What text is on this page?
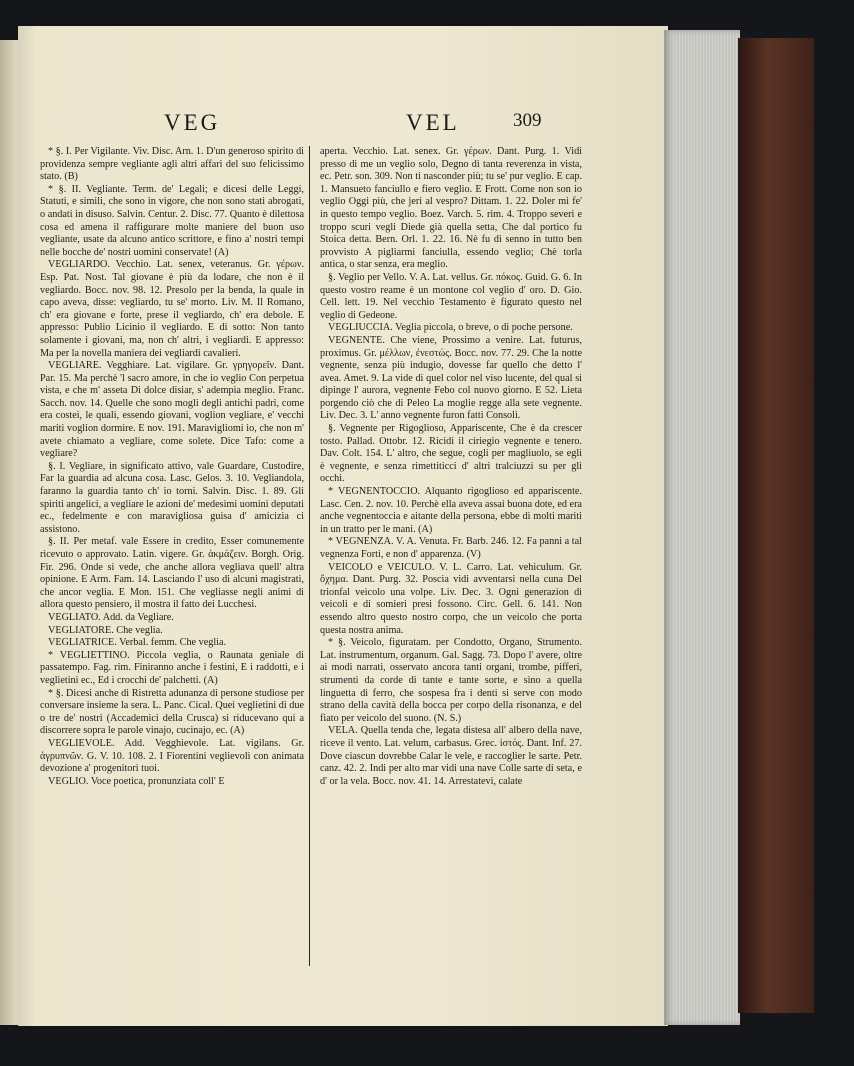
VEG	VEL	309

* §. I. Per Vigilante. Viv. Disc. Arn. 1. D'un generoso spirito di providenza sempre vegliante agli altri affari del suo felicissimo stato. (B)

* §. II. Vegliante. Term. de' Legali; e dicesi delle Leggi, Statuti, e simili, che sono in vigore, che non sono stati abrogati, o andati in disuso. Salvin. Centur. 2. Disc. 77. Quanto è dilettosa cosa ed amena il raffigurare molte maniere del buon uso vegliante, usate da alcuno antico scrittore, e fino a' nostri tempi nelle bocche de' nostri uomini conservate! (A)

VEGLIARDO. Vecchio. Lat. senex, veteranus. Gr. γέρων. Esp. Pat. Nost. Tal giovane è più da lodare, che non è il vegliardo. Bocc. nov. 98. 12. Presolo per la benda, la quale in capo aveva, disse: vegliardo, tu se' morto. Liv. M. Il Romano, ch' era giovane e forte, prese il vegliardo, ch' era debole. E appresso: Publio Licinio il vegliardo. E di sotto: Non tanto solamente i giovani, ma, non ch' altri, i vegliardi. E appresso: Ma per la novella maniera dei vegliardi cavalieri.

VEGLIARE. Vegghiare. Lat. vigilare. Gr. γρηγορεῖν. Dant. Par. 15. Ma perchè 'l sacro amore, in che io veglio Con perpetua vista, e che m' asseta Di dolce disiar, s' adempia meglio. Franc. Sacch. nov. 14. Quelle che sono mogli degli antichi padri, come era costei, le quali, essendo giovani, voglion vegliare, e' vecchi mariti voglion dormire. E nov. 191. Maravigliomi io, che non m' avete chiamato a vegliare, come solete. Dice Tafo: come a vegliare?

§. I. Vegliare, in significato attivo, vale Guardare, Custodire, Far la guardia ad alcuna cosa. Lasc. Gelos. 3. 10. Vegliandola, faranno la guardia tanto ch' io torni. Salvin. Disc. 1. 89. Gli spiriti angelici, a vegliare le azioni de' medesimi uomini deputati ec., fedelmente e con maravigliosa guisa d' amicizia ci assistono.

§. II. Per metaf. vale Essere in credito, Esser comunemente ricevuto o approvato. Latin. vigere. Gr. ἀκμάζειν. Borgh. Orig. Fir. 296. Onde si vede, che anche allora vegliava quell' altra opinione. E Arm. Fam. 14. Lasciando l' uso di alcuni magistrati, che ancor veglia. E Mon. 151. Che vegliasse negli animi di allora questo pensiero, il mostra il fatto dei Lucchesi.

VEGLIATO. Add. da Vegliare.

VEGLIATORE. Che veglia.

VEGLIATRICE. Verbal. femm. Che veglia.

* VEGLIETTINO. Piccola veglia, o Raunata geniale di passatempo. Fag. rim. Finiranno anche i festini, E i raddotti, e i veglietini ec., Ed i crocchi de' palchetti. (A)

* §. Dicesi anche di Ristretta adunanza di persone studiose per conversare insieme la sera. L. Panc. Cical. Quei veglietini di due o tre de' nostri (Accademici della Crusca) si riducevano qui a discorrere sopra le parole vinajo, cucinajo, ec. (A)

VEGLIEVOLE. Add. Vegghievole. Lat. vigilans. Gr. ἀγρυπνῶν. G. V. 10. 108. 2. I Fiorentini veglievoli con animata devozione a' progenitori tuoi.

VEGLIO. Voce poetica, pronunziata coll' E

aperta. Vecchio. Lat. senex. Gr. γέρων. Dant. Purg. 1. Vidi presso di me un veglio solo, Degno di tanta reverenza in vista, ec. Petr. son. 309. Non ti nasconder più; tu se' pur veglio. E cap. 1. Mansueto fanciullo e fiero veglio. E Frott. Come non son io veglio Oggi più, che jeri al vespro? Dittam. 1. 22. Doler mi fe' in questo tempo veglio. Boez. Varch. 5. rim. 4. Troppo severi e troppo scuri vegli Diede già quella setta, Che dal portico fu Stoica detta. Bern. Orl. 1. 22. 16. Nè fu di senno in tutto ben provvisto A pigliarmi fanciulla, essendo veglio; Chè torla antica, o star senza, era meglio.

§. Veglio per Vello. V. A. Lat. vellus. Gr. πόκος. Guid. G. 6. In questo vostro reame è un montone col veglio d' oro. D. Gio. Cell. lett. 19. Nel vecchio Testamento è figurato questo nel veglio di Gedeone.

VEGLIUCCIA. Veglia piccola, o breve, o di poche persone.

VEGNENTE. Che viene, Prossimo a venire. Lat. futurus, proximus. Gr. μέλλων, ἐνεστώς. Bocc. nov. 77. 29. Che la notte vegnente, senza più indugio, dovesse far quello che detto l' avea. Amet. 9. La vide di quel color nel viso lucente, del qual si dipinge l' aurora, vegnente Febo col nuovo giorno. E 52. Lieta porgendo ciò che di Peleo La moglie regge alla sete vegnente. Liv. Dec. 3. L' anno vegnente furon fatti Consoli.

§. Vegnente per Rigoglioso, Appariscente, Che è da crescer tosto. Pallad. Ottobr. 12. Ricidi il ciriegio vegnente e tenero. Dav. Colt. 154. L' altro, che segue, cogli per magliuolo, se egli è vegnente, e senza rimettiticci d' altri tralciuzzi su per gli occhi.

* VEGNENTOCCIO. Alquanto rigoglioso ed appariscente. Lasc. Cen. 2. nov. 10. Perchè ella aveva assai buona dote, ed era anche vegnentoccia e aitante della persona, ebbe di molti mariti in un tratto per le mani. (A)

* VEGNENZA. V. A. Venuta. Fr. Barb. 246. 12. Fa panni a tal vegnenza Forti, e non d' apparenza. (V)

VEICOLO e VEICULO. V. L. Carro. Lat. vehiculum. Gr. ὄχημα. Dant. Purg. 32. Poscia vidi avventarsi nella cuna Del trionfal veicolo una volpe. Liv. Dec. 3. Ogni generazion di veicoli e di somieri presi fossono. Circ. Gell. 6. 141. Non essendo altro questo nostro corpo, che un veicolo che porta questa nostra anima.

* §. Veicolo, figuratam. per Condotto, Organo, Strumento. Lat. instrumentum, organum. Gal. Sagg. 73. Dopo l' avere, oltre ai modi narrati, osservato ancora tanti organi, trombe, pifferi, strumenti da corde di tante e tante sorte, e sino a quella linguetta di ferro, che sospesa fra i denti si serve con modo strano della cavità della bocca per corpo della risonanza, e del fiato per veicolo del suono. (N. S.)

VELA. Quella tenda che, legata distesa all' albero della nave, riceve il vento. Lat. velum, carbasus. Grec. ἱστός. Dant. Inf. 27. Dove ciascun dovrebbe Calar le vele, e raccoglier le sarte. Petr. canz. 42. 2. Indi per alto mar vidi una nave Colle sarte di seta, e d' or la vela. Bocc. nov. 41. 14. Arrestatevi, calate
